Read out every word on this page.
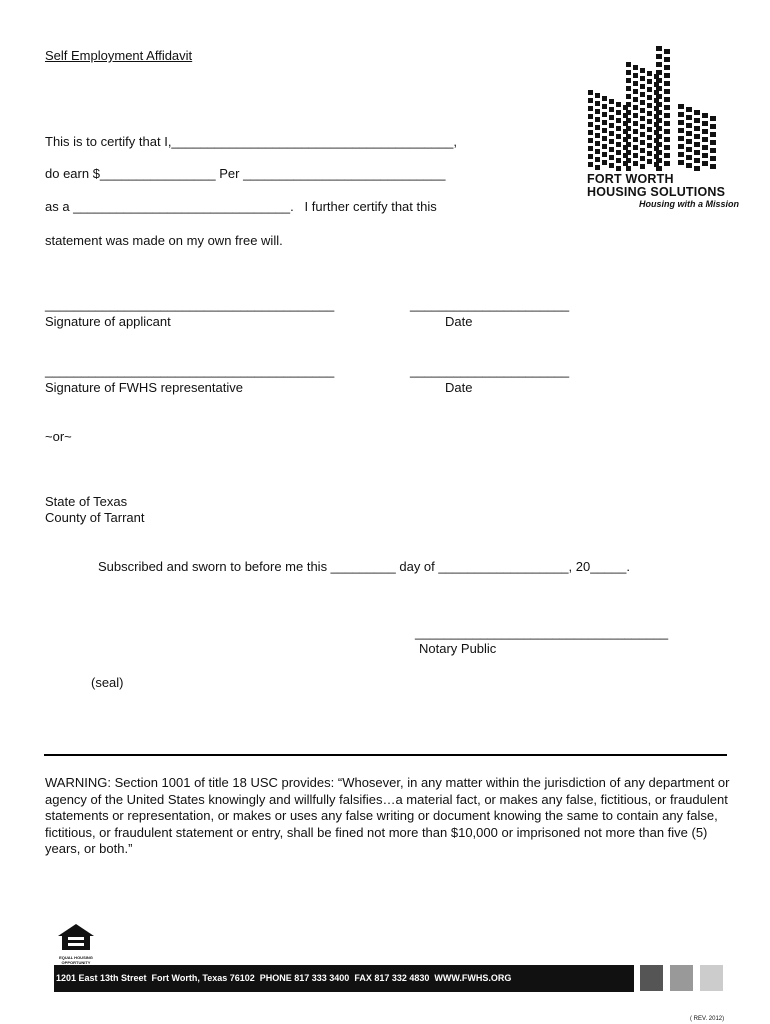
Self Employment Affidavit
FORT WORTH
HOUSING SOLUTIONS
Housing with a Mission
This is to certify that I,_______________________________________,
do earn $________________ Per ____________________________
as a ______________________________.   I further certify that this
statement was made on my own free will.
________________________________________
Signature of applicant
______________________
Date
________________________________________
Signature of FWHS representative
______________________
Date
~or~
State of Texas
County of Tarrant
Subscribed and sworn to before me this _________ day of __________________, 20_____.
___________________________________
Notary Public
(seal)
WARNING: Section 1001 of title 18 USC provides: “Whosever, in any matter within the jurisdiction of any department or agency of the United States knowingly and willfully falsifies…a material fact, or makes any false, fictitious, or fraudulent statements or representation, or makes or uses any false writing or document knowing the same to contain any false, fictitious, or fraudulent statement or entry, shall be fined not more than $10,000 or imprisoned not more than five (5) years, or both.”
EQUAL HOUSING OPPORTUNITY
1201 East 13th Street  Fort Worth, Texas 76102  PHONE 817 333 3400  FAX 817 332 4830  WWW.FWHS.ORG
( REV. 2012)
